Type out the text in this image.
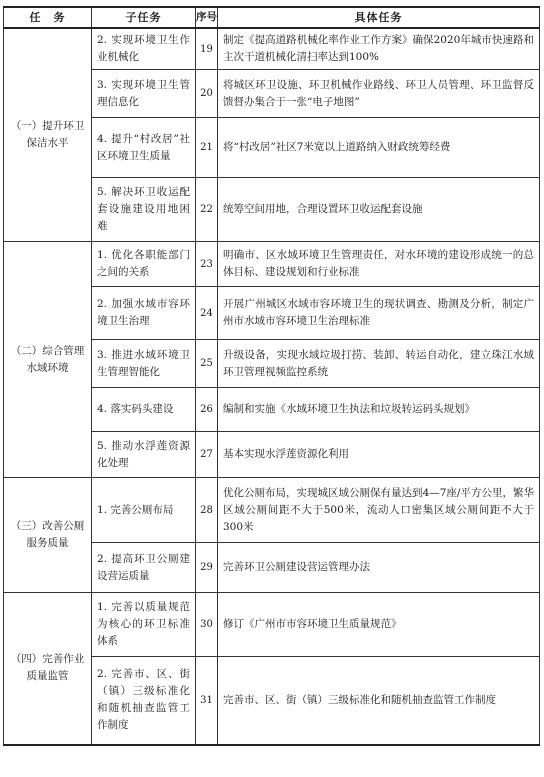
任　务	子任务	序号	具体任务
（一）提升环卫保洁水平	2. 实现环境卫生作业机械化	19	制定《提高道路机械化率作业工作方案》确保2020年城市快速路和主次干道机械化清扫率达到100%
	3. 实现环境卫生管理信息化	20	将城区环卫设施、环卫机械作业路线、环卫人员管理、环卫监督反馈督办集合于一张“电子地图”
	4. 提升“村改居”社区环境卫生质量	21	将“村改居”社区7米宽以上道路纳入财政统筹经费
	5. 解决环卫收运配套设施建设用地困难	22	统筹空间用地，合理设置环卫收运配套设施
（二）综合管理水域环境	1. 优化各职能部门之间的关系	23	明确市、区水域环境卫生管理责任，对水环境的建设形成统一的总体目标、建设规划和行业标准
	2. 加强水域市容环境卫生治理	24	开展广州城区水域市容环境卫生的现状调查、勘测及分析，制定广州市水域市容环境卫生治理标准
	3. 推进水域环境卫生管理智能化	25	升级设备，实现水域垃圾打捞、装卸、转运自动化，建立珠江水域环卫管理视频监控系统
	4. 落实码头建设	26	编制和实施《水域环境卫生执法和垃圾转运码头规划》
	5. 推动水浮莲资源化处理	27	基本实现水浮莲资源化利用
（三）改善公厕服务质量	1. 完善公厕布局	28	优化公厕布局，实现城区域公厕保有量达到4—7座/平方公里，繁华区域公厕间距不大于500米，流动人口密集区域公厕间距不大于300米
	2. 提高环卫公厕建设营运质量	29	完善环卫公厕建设营运管理办法
（四）完善作业质量监管	1. 完善以质量规范为核心的环卫标准体系	30	修订《广州市市容环境卫生质量规范》
	2. 完善市、区、街（镇）三级标准化和随机抽查监管工作制度	31	完善市、区、街（镇）三级标准化和随机抽查监管工作制度
